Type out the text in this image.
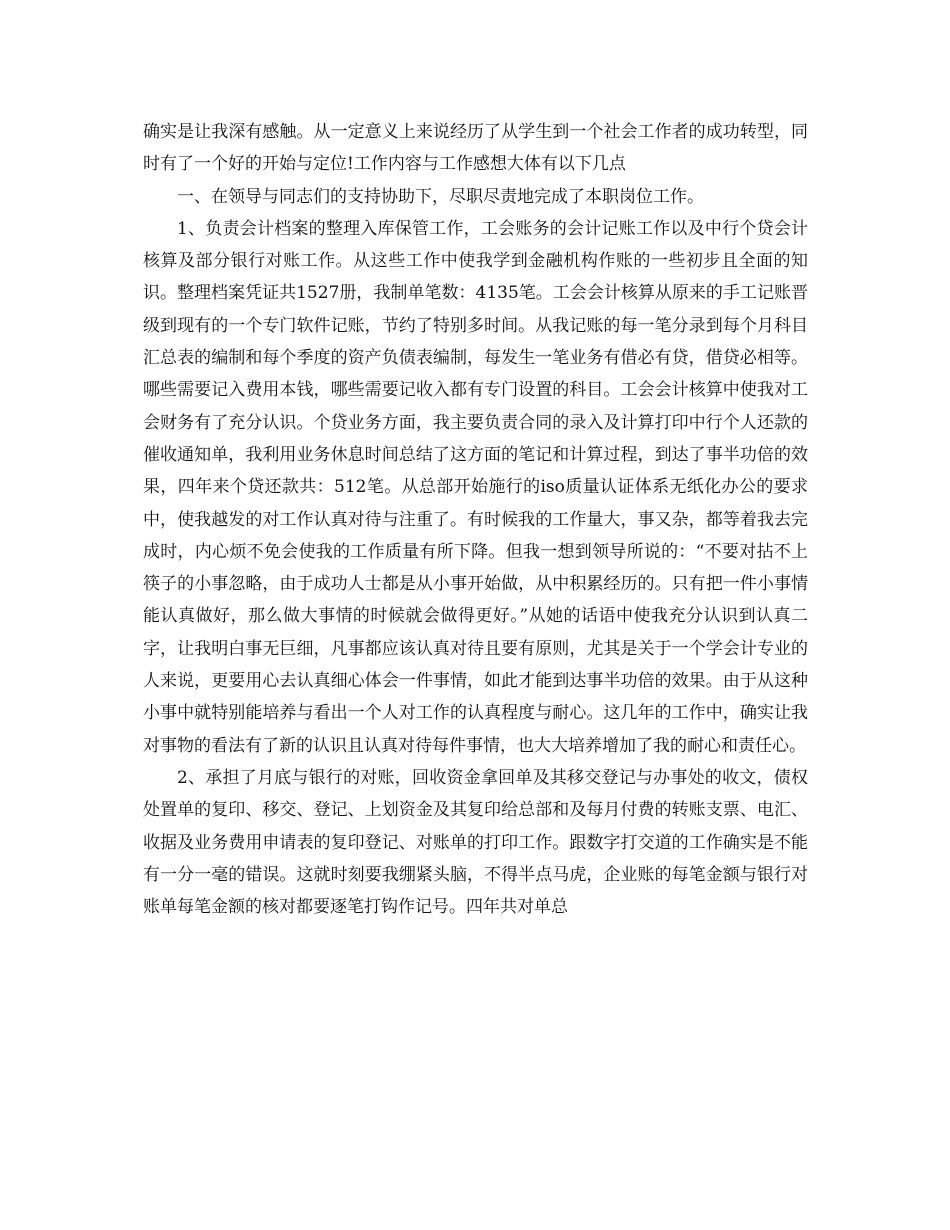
确实是让我深有感触。从一定意义上来说经历了从学生到一个社会工作者的成功转型，同时有了一个好的开始与定位!工作内容与工作感想大体有以下几点

一、在领导与同志们的支持协助下，尽职尽责地完成了本职岗位工作。

1、负责会计档案的整理入库保管工作，工会账务的会计记账工作以及中行个贷会计核算及部分银行对账工作。从这些工作中使我学到金融机构作账的一些初步且全面的知识。整理档案凭证共1527册，我制单笔数：4135笔。工会会计核算从原来的手工记账晋级到现有的一个专门软件记账，节约了特别多时间。从我记账的每一笔分录到每个月科目汇总表的编制和每个季度的资产负债表编制，每发生一笔业务有借必有贷，借贷必相等。哪些需要记入费用本钱，哪些需要记收入都有专门设置的科目。工会会计核算中使我对工会财务有了充分认识。个贷业务方面，我主要负责合同的录入及计算打印中行个人还款的催收通知单，我利用业务休息时间总结了这方面的笔记和计算过程，到达了事半功倍的效果，四年来个贷还款共：512笔。从总部开始施行的iso质量认证体系无纸化办公的要求中，使我越发的对工作认真对待与注重了。有时候我的工作量大，事又杂，都等着我去完成时，内心烦不免会使我的工作质量有所下降。但我一想到领导所说的：“不要对拈不上筷子的小事忽略，由于成功人士都是从小事开始做，从中积累经历的。只有把一件小事情能认真做好，那么做大事情的时候就会做得更好。”从她的话语中使我充分认识到认真二字，让我明白事无巨细，凡事都应该认真对待且要有原则，尤其是关于一个学会计专业的人来说，更要用心去认真细心体会一件事情，如此才能到达事半功倍的效果。由于从这种小事中就特别能培养与看出一个人对工作的认真程度与耐心。这几年的工作中，确实让我对事物的看法有了新的认识且认真对待每件事情，也大大培养增加了我的耐心和责任心。

2、承担了月底与银行的对账，回收资金拿回单及其移交登记与办事处的收文，债权处置单的复印、移交、登记、上划资金及其复印给总部和及每月付费的转账支票、电汇、收据及业务费用申请表的复印登记、对账单的打印工作。跟数字打交道的工作确实是不能有一分一毫的错误。这就时刻要我绷紧头脑，不得半点马虎，企业账的每笔金额与银行对账单每笔金额的核对都要逐笔打钩作记号。四年共对单总
